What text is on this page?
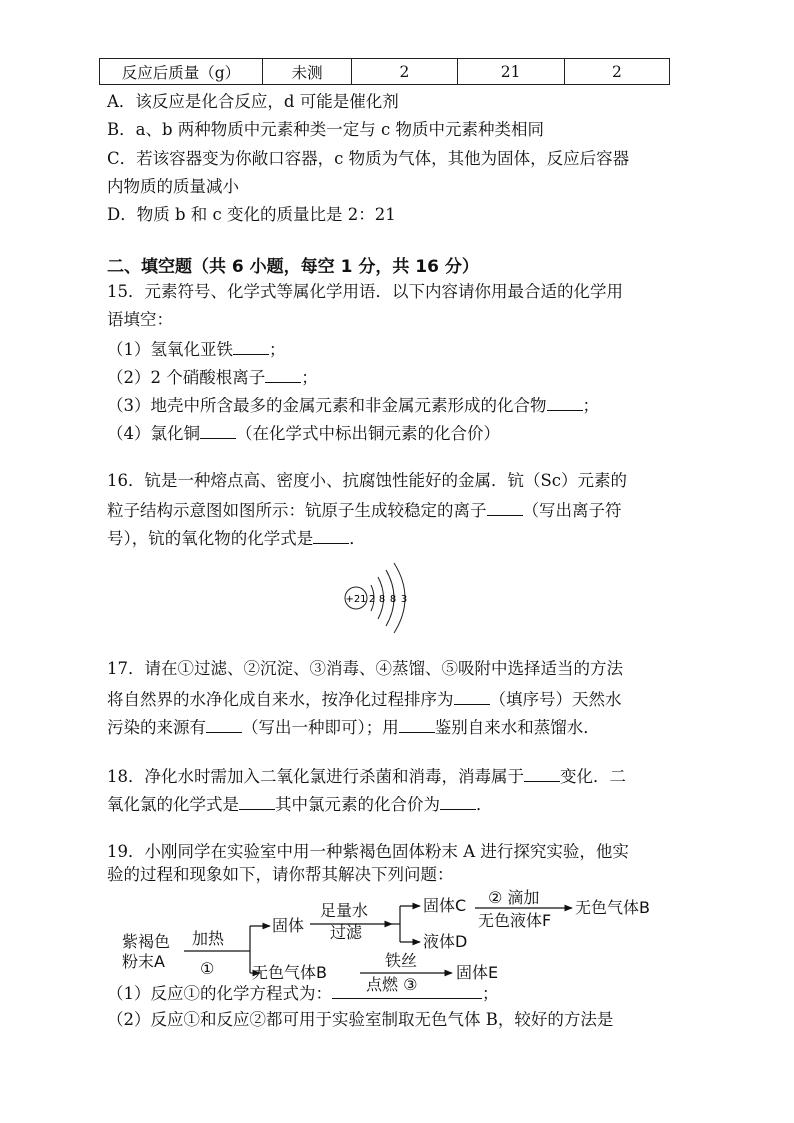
反应后质量（g）	未测	2	21	2
A．该反应是化合反应，d 可能是催化剂
B．a、b 两种物质中元素种类一定与 c 物质中元素种类相同
C．若该容器变为你敞口容器，c 物质为气体，其他为固体，反应后容器
内物质的质量减小
D．物质 b 和 c 变化的质量比是 2：21
二、填空题（共 6 小题，每空 1 分，共 16 分）
15．元素符号、化学式等属化学用语．以下内容请你用最合适的化学用
语填空：
（1）氢氧化亚铁 ；
（2）2 个硝酸根离子 ；
（3）地壳中所含最多的金属元素和非金属元素形成的化合物 ；
（4）氯化铜 （在化学式中标出铜元素的化合价）
16．钪是一种熔点高、密度小、抗腐蚀性能好的金属．钪（Sc）元素的
粒子结构示意图如图所示：钪原子生成较稳定的离子 （写出离子符
号），钪的氧化物的化学式是 ．
+21 2 8 8 3
17．请在①过滤、②沉淀、③消毒、④蒸馏、⑤吸附中选择适当的方法
将自然界的水净化成自来水，按净化过程排序为 （填序号）天然水
污染的来源有 （写出一种即可）；用 鉴别自来水和蒸馏水．
18．净化水时需加入二氧化氯进行杀菌和消毒，消毒属于 变化．二
氧化氯的化学式是 其中氯元素的化合价为 ．
19．小刚同学在实验室中用一种紫褐色固体粉末 A 进行探究实验，他实
验的过程和现象如下，请你帮其解决下列问题：
紫褐色
粉末A
加热
①
固体
足量水
过滤
固体C
液体D
② 滴加
无色液体F
无色气体B
无色气体B
铁丝
点燃 ③
固体E
（1）反应①的化学方程式为：	；
（2）反应①和反应②都可用于实验室制取无色气体 B，较好的方法是
